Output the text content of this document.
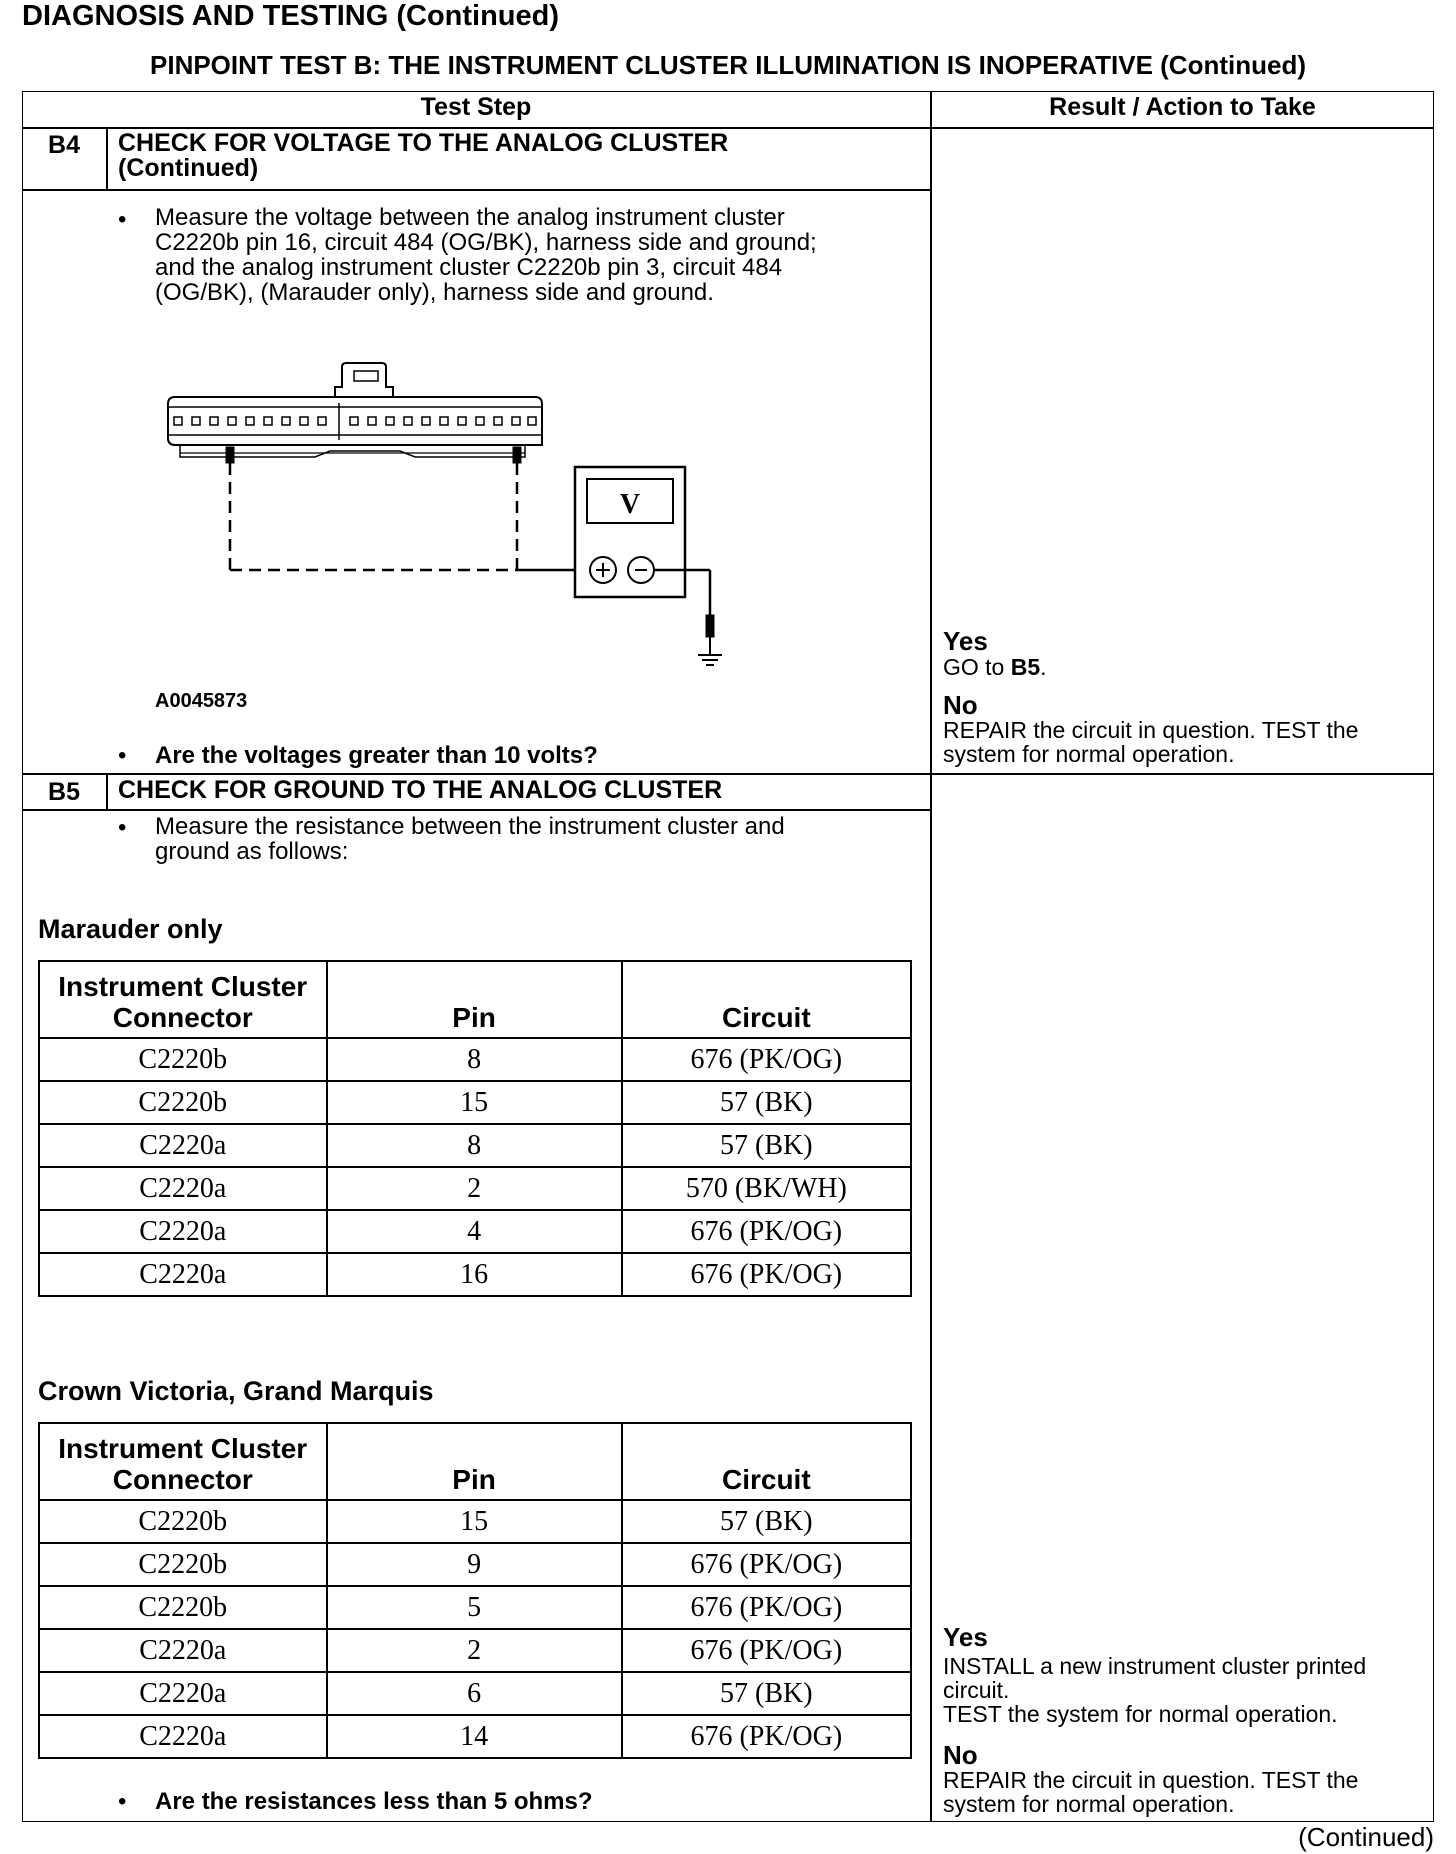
DIAGNOSIS AND TESTING (Continued)
PINPOINT TEST B: THE INSTRUMENT CLUSTER ILLUMINATION IS INOPERATIVE (Continued)
Test Step	Result / Action to Take
B4	CHECK FOR VOLTAGE TO THE ANALOG CLUSTER
(Continued)
• Measure the voltage between the analog instrument cluster
C2220b pin 16, circuit 484 (OG/BK), harness side and ground;
and the analog instrument cluster C2220b pin 3, circuit 484
(OG/BK), (Marauder only), harness side and ground.
V
A0045873
• Are the voltages greater than 10 volts?
Yes
GO to B5.
No
REPAIR the circuit in question. TEST the
system for normal operation.
B5	CHECK FOR GROUND TO THE ANALOG CLUSTER
• Measure the resistance between the instrument cluster and
ground as follows:
Marauder only
Instrument Cluster Connector	Pin	Circuit
C2220b	8	676 (PK/OG)
C2220b	15	57 (BK)
C2220a	8	57 (BK)
C2220a	2	570 (BK/WH)
C2220a	4	676 (PK/OG)
C2220a	16	676 (PK/OG)
Crown Victoria, Grand Marquis
Instrument Cluster Connector	Pin	Circuit
C2220b	15	57 (BK)
C2220b	9	676 (PK/OG)
C2220b	5	676 (PK/OG)
C2220a	2	676 (PK/OG)
C2220a	6	57 (BK)
C2220a	14	676 (PK/OG)
• Are the resistances less than 5 ohms?
Yes
INSTALL a new instrument cluster printed
circuit.
TEST the system for normal operation.
No
REPAIR the circuit in question. TEST the
system for normal operation.
(Continued)
